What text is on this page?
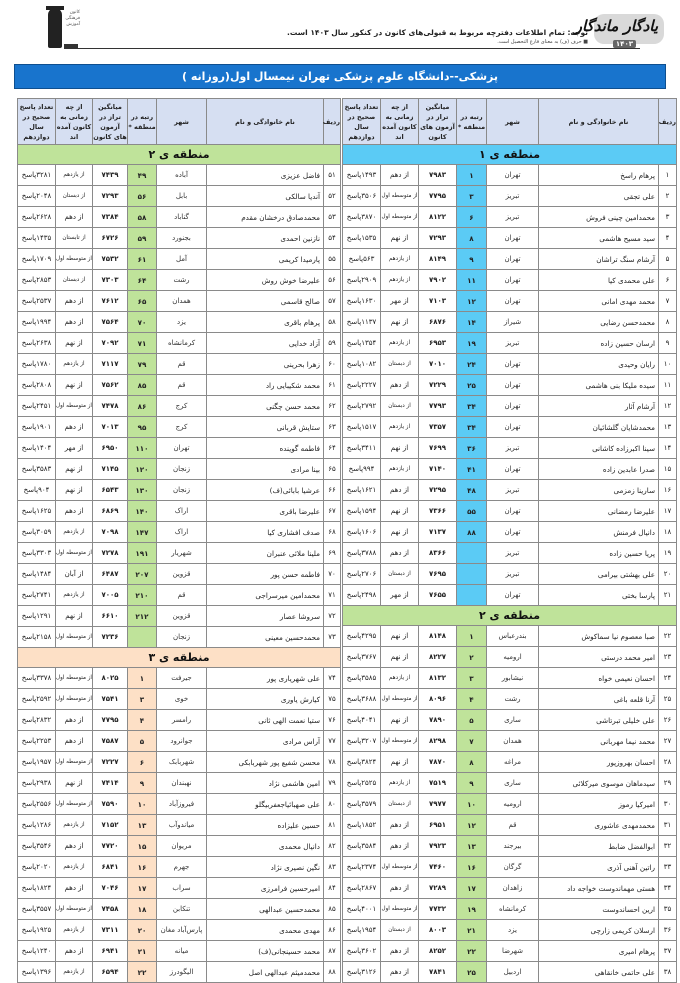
یادگار ماندگار
۱۴۰۳
توجه: تمام اطلاعات دفترچه مربوط به قبولی‌های کانون در کنکور سال ۱۴۰۳ است.
■ حرف (ف) به معنای فارغ التحصیل است.
کانون فرهنگی آموزش
پزشکی--دانشگاه علوم پزشکی تهران نیمسال اول(روزانه )
ردیف	نام خانوادگی و نام	شهر	رتبه در منطقه *	میانگین تراز در آزمون های کانون	از چه زمانی به کانون آمده اند	تعداد پاسخ صحیح در سال دوازدهم
منطقه ی ۱						
۱	پرهام راسخ	تهران	۱	۷۹۸۳	از دهم	۱۴۹۳پاسخ
۲	علی تجقی	تبریز	۳	۷۷۹۵	از متوسطه اول	۳۵۰۶پاسخ
۳	محمدامین چینی فروش	تبریز	۶	۸۱۲۲	از متوسطه اول	۳۸۷۰پاسخ
۴	سید مسیح هاشمی	تهران	۸	۷۲۹۳	از نهم	۱۵۳۵پاسخ
۵	آرشام سنگ تراشان	تهران	۹	۸۱۴۹	از یازدهم	۵۶۳پاسخ
۶	علی محمدی کیا	تهران	۱۱	۷۹۰۲	از یازدهم	۲۹۰۹پاسخ
۷	محمد مهدی امانی	تهران	۱۲	۷۱۰۳	از مهر	۱۶۳۰پاسخ
۸	محمدحسن رضایی	شیراز	۱۴	۶۸۷۶	از نهم	۱۱۳۷پاسخ
۹	ارسان حسین زاده	تبریز	۱۹	۶۹۵۳	از یازدهم	۱۳۵۴پاسخ
۱۰	رایان وحیدی	تهران	۲۴	۷۰۱۰	از دبستان	۱۰۸۲پاسخ
۱۱	سیده ملیکا بنی هاشمی	تهران	۲۵	۷۲۲۹	از دهم	۲۲۲۷پاسخ
۱۲	آرشام آثار	تهران	۳۴	۷۷۹۳	از دبستان	۲۷۹۲پاسخ
۱۳	محمدشایان گلشائیان	تهران	۳۴	۷۳۵۷	از یازدهم	۱۵۱۷پاسخ
۱۴	سینا اکبرزاده کاشانی	تبریز	۳۶	۷۶۹۹	از نهم	۳۴۱۱پاسخ
۱۵	صدرا عابدین زاده	تهران	۴۱	۷۱۴۰	از یازدهم	۹۹۴پاسخ
۱۶	سارینا زمزمی	تبریز	۴۸	۷۲۹۵	از دهم	۱۶۲۱پاسخ
۱۷	علیرضا رمضانی	تهران	۵۵	۷۳۶۶	از نهم	۱۵۹۴پاسخ
۱۸	دانیال فرمنش	تهران	۸۸	۷۱۳۷	از نهم	۱۶۰۶پاسخ
۱۹	پریا حسین زاده	تبریز		۸۳۶۶	از دهم	۳۷۸۸پاسخ
۲۰	علی بهشتی بیرامی	تبریز		۷۶۹۵	از دبستان	۲۷۰۶پاسخ
۲۱	پارسا بختی	تهران		۷۶۵۵	از مهر	۲۴۹۸پاسخ
منطقه ی ۲						
۲۲	صبا معصوم نیا سماکوش	بندرعباس	۱	۸۱۴۸	از نهم	۴۲۹۵پاسخ
۲۳	امیر محمد درستی	ارومیه	۲	۸۲۲۷	از نهم	۳۷۶۷پاسخ
۲۴	احسان نعیمی خواه	نیشابور	۳	۸۱۳۲	از یازدهم	۳۵۸۵پاسخ
۲۵	آرنا قلعه باغی	رشت	۴	۸۰۹۶	از متوسطه اول	۳۶۸۸پاسخ
۲۶	علی خلیلی تبرتاشی	ساری	۵	۷۸۹۰	از نهم	۴۰۴۱پاسخ
۲۷	محمد نیما مهربانی	همدان	۷	۸۲۹۸	از متوسطه اول	۳۲۰۷پاسخ
۲۸	احسان بهروزپور	مراغه	۸	۷۸۷۰	از نهم	۳۸۲۴پاسخ
۲۹	سیدماهان موسوی میرکلائی	ساری	۹	۷۵۱۹	از یازدهم	۲۵۲۵پاسخ
۳۰	امیرکیا رموز	ارومیه	۱۰	۷۹۷۷	از دبستان	۳۵۷۹پاسخ
۳۱	محمدمهدی عاشوری	قم	۱۲	۶۹۵۱	از دهم	۱۸۵۲پاسخ
۳۲	ابوالفضل ضابط	بیرجند	۱۳	۷۹۲۳	از دهم	۳۵۸۴پاسخ
۳۳	راتین آهنی آذری	گرگان	۱۶	۷۴۶۰	از متوسطه اول	۲۳۷۴پاسخ
۳۴	هستی مهماندوست خواجه داد	زاهدان	۱۷	۷۲۸۹	از دهم	۲۸۶۷پاسخ
۳۵	ارین احساندوست	کرمانشاه	۱۹	۷۷۳۲	از متوسطه اول	۴۰۰۱پاسخ
۳۶	ارسلان کریمی زارچی	یزد	۲۱	۸۰۰۳	از دبستان	۱۹۵۴پاسخ
۳۷	پرهام امیری	شهرضا	۲۲	۸۲۵۲	از دهم	۳۶۰۲پاسخ
۳۸	علی حاتمی خانقاهی	اردبیل	۲۵	۷۸۴۱	از دهم	۳۱۲۶پاسخ
ردیف	نام خانوادگی و نام	شهر	رتبه در منطقه *	میانگین تراز در آزمون های کانون	از چه زمانی به کانون آمده اند	تعداد پاسخ صحیح در سال دوازدهم
منطقه ی ۲						
۵۱	فاضل عزیزی	آباده	۴۹	۷۴۳۹	از یازدهم	۳۲۸۱پاسخ
۵۲	آندیا سالکی	بابل	۵۶	۷۲۹۳	از دبستان	۲۰۴۸پاسخ
۵۳	محمدصادق درخشان مقدم	گناباد	۵۸	۷۳۸۴	از دهم	۲۶۲۸پاسخ
۵۴	نازنین احمدی	بجنورد	۵۹	۶۷۲۶	از تابستان	۱۴۳۵پاسخ
۵۵	پارمیدا کریمی	آمل	۶۱	۷۵۳۲	از متوسطه اول	۱۷۰۹پاسخ
۵۶	علیرضا خوش روش	رشت	۶۴	۷۳۰۳	از دبستان	۲۸۵۳پاسخ
۵۷	صالح قاسمی	همدان	۶۵	۷۶۱۲	از دهم	۲۵۳۷پاسخ
۵۸	پرهام باقری	یزد	۷۰	۷۵۶۴	از دهم	۱۹۹۴پاسخ
۵۹	آزاد خدایی	کرمانشاه	۷۱	۷۰۹۲	از نهم	۲۶۳۸پاسخ
۶۰	زهرا بحرینی	قم	۷۹	۷۱۱۷	از یازدهم	۱۷۸۰پاسخ
۶۱	محمد شکیبایی راد	قم	۸۵	۷۵۶۲	از نهم	۲۸۰۸پاسخ
۶۲	محمد حسن چگنی	کرج	۸۶	۷۴۷۸	از متوسطه اول	۲۴۵۱پاسخ
۶۳	ستایش قربانی	کرج	۹۵	۷۰۱۳	از دهم	۱۹۰۱پاسخ
۶۴	فاطمه گوینده	تهران	۱۱۰	۶۹۵۰	از مهر	۱۴۰۴پاسخ
۶۵	بینا مرادی	زنجان	۱۲۰	۷۱۴۵	از نهم	۳۵۸۳پاسخ
۶۶	عرشیا بابائی(ف)	زنجان	۱۳۰	۶۵۴۳	از نهم	۹۰۴پاسخ
۶۷	علیرضا باقری	اراک	۱۴۰	۶۸۶۹	از دهم	۱۶۲۵پاسخ
۶۸	صدف افشاری کیا	اراک	۱۴۷	۷۰۹۸	از یازدهم	۳۰۵۹پاسخ
۶۹	ملینا ملائی عنبران	شهریار	۱۹۱	۷۲۷۸	از متوسطه اول	۳۳۰۳پاسخ
۷۰	فاطمه حسن پور	قزوین	۲۰۷	۶۴۸۷	از آبان	۱۴۸۴پاسخ
۷۱	محمدامین میرسراجی	قم	۲۱۰	۷۰۰۵	از یازدهم	۲۷۴۱پاسخ
۷۲	سروشا عصار	قزوین	۲۱۲	۶۶۱۰	از نهم	۱۲۹۱پاسخ
۷۳	محمدحسین معینی	زنجان		۷۲۳۶	از متوسطه اول	۲۱۵۸پاسخ
منطقه ی ۳						
۷۴	علی شهریاری پور	جیرفت	۱	۸۰۲۵	از متوسطه اول	۳۳۷۸پاسخ
۷۵	کیارش یاوری	خوی	۳	۷۵۴۱	از متوسطه اول	۲۵۹۲پاسخ
۷۶	ستیا نعمت الهی ثانی	رامسر	۴	۷۷۹۵	از دهم	۲۸۳۲پاسخ
۷۷	آراس مرادی	جوانرود	۵	۷۵۸۷	از دهم	۲۲۵۳پاسخ
۷۸	محسن شفیع پور شهربابکی	شهربابک	۶	۷۲۲۷	از متوسطه اول	۱۹۵۷پاسخ
۷۹	امین هاشمی نژاد	نهبندان	۹	۷۴۱۴	از نهم	۲۹۳۸پاسخ
۸۰	علی صهبائیاجعفربیگلو	فیروزآباد	۱۰	۷۵۹۰	از متوسطه اول	۲۵۵۶پاسخ
۸۱	حسین علیزاده	میاندوآب	۱۳	۷۱۵۲	از یازدهم	۱۲۸۶پاسخ
۸۲	دانیال محمدی	مریوان	۱۵	۷۷۲۰	از دهم	۳۵۴۶پاسخ
۸۳	نگین نصیری نژاد	جهرم	۱۶	۶۸۴۱	از یازدهم	۲۰۲۰پاسخ
۸۴	امیرحسین فرامرزی	سراب	۱۷	۷۰۴۶	از دهم	۱۸۲۴پاسخ
۸۵	محمدحسین عبدالهی	تنکابن	۱۸	۷۴۵۸	از متوسطه اول	۳۵۵۷پاسخ
۸۶	مهدی محمدی	پارس‌آباد مغان	۲۰	۷۳۱۱	از یازدهم	۱۹۲۵پاسخ
۸۷	محمد حسینجانی(ف)	میانه	۲۱	۶۹۴۱	از دهم	۱۲۴۰پاسخ
۸۸	محمدمیثم عبدالهی اصل	الیگودرز	۲۲	۶۵۹۴	از یازدهم	۱۳۹۶پاسخ
